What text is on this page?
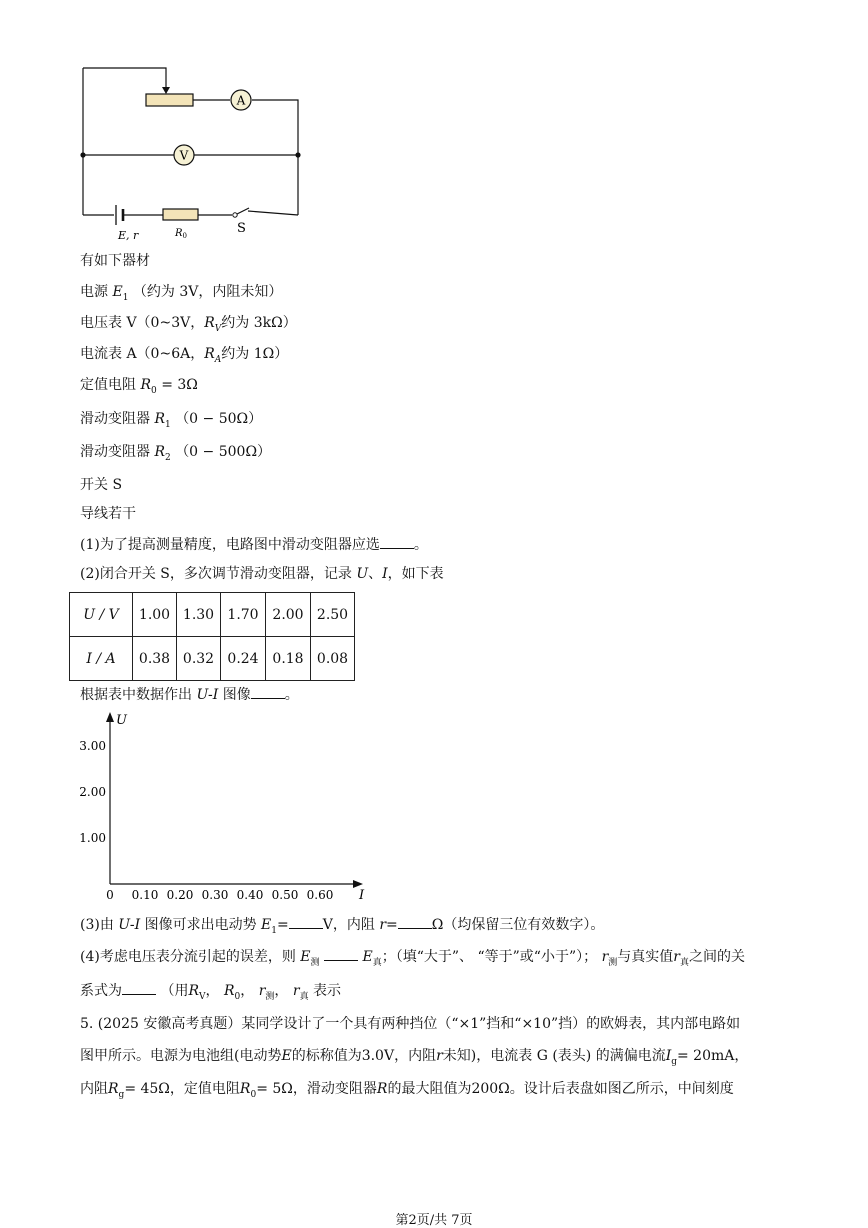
A
V
E, r	$R_0$	S
有如下器材
电源 $E_1$ （约为 3V，内阻未知）
电压表 V（0~3V，$R_V$约为 3kΩ）
电流表 A（0~6A，$R_A$约为 1Ω）
定值电阻 $R_0 = 3\Omega$
滑动变阻器 $R_1$ （0 − 50Ω）
滑动变阻器 $R_2$ （0 − 500Ω）
开关 S
导线若干
(1)为了提高测量精度，电路图中滑动变阻器应选 。
(2)闭合开关 S，多次调节滑动变阻器，记录 U、I，如下表
U / V	1.00	1.30	1.70	2.00	2.50
I / A	0.38	0.32	0.24	0.18	0.08
根据表中数据作出 U-I 图像 。
U
I
1.00
2.00
3.00
0 0.10 0.20 0.30 0.40 0.50 0.60
(3)由 U-I 图像可求出电动势 $E_1= V$，内阻 r= Ω（均保留三位有效数字）。
(4)考虑电压表分流引起的误差，则 $E_测$	$E_真$；（填“大于”、 “等于”或“小于”）； $r_测$与真实值$r_真$之间的关
系式为	（用$R_V$， $R_0$， $r_测$， $r_真$ 表示
5. (2025 安徽高考真题）某同学设计了一个具有两种挡位（“×1”挡和“×10”挡）的欧姆表，其内部电路如
图甲所示。电源为电池组(电动势E的标称值为3.0V，内阻r未知)，电流表 G (表头) 的满偏电流$I_g= 20mA$，
内阻$R_g= 45\Omega$，定值电阻$R_0= 5\Omega$，滑动变阻器R的最大阻值为200Ω。设计后表盘如图乙所示，中间刻度
第2页/共 7页
